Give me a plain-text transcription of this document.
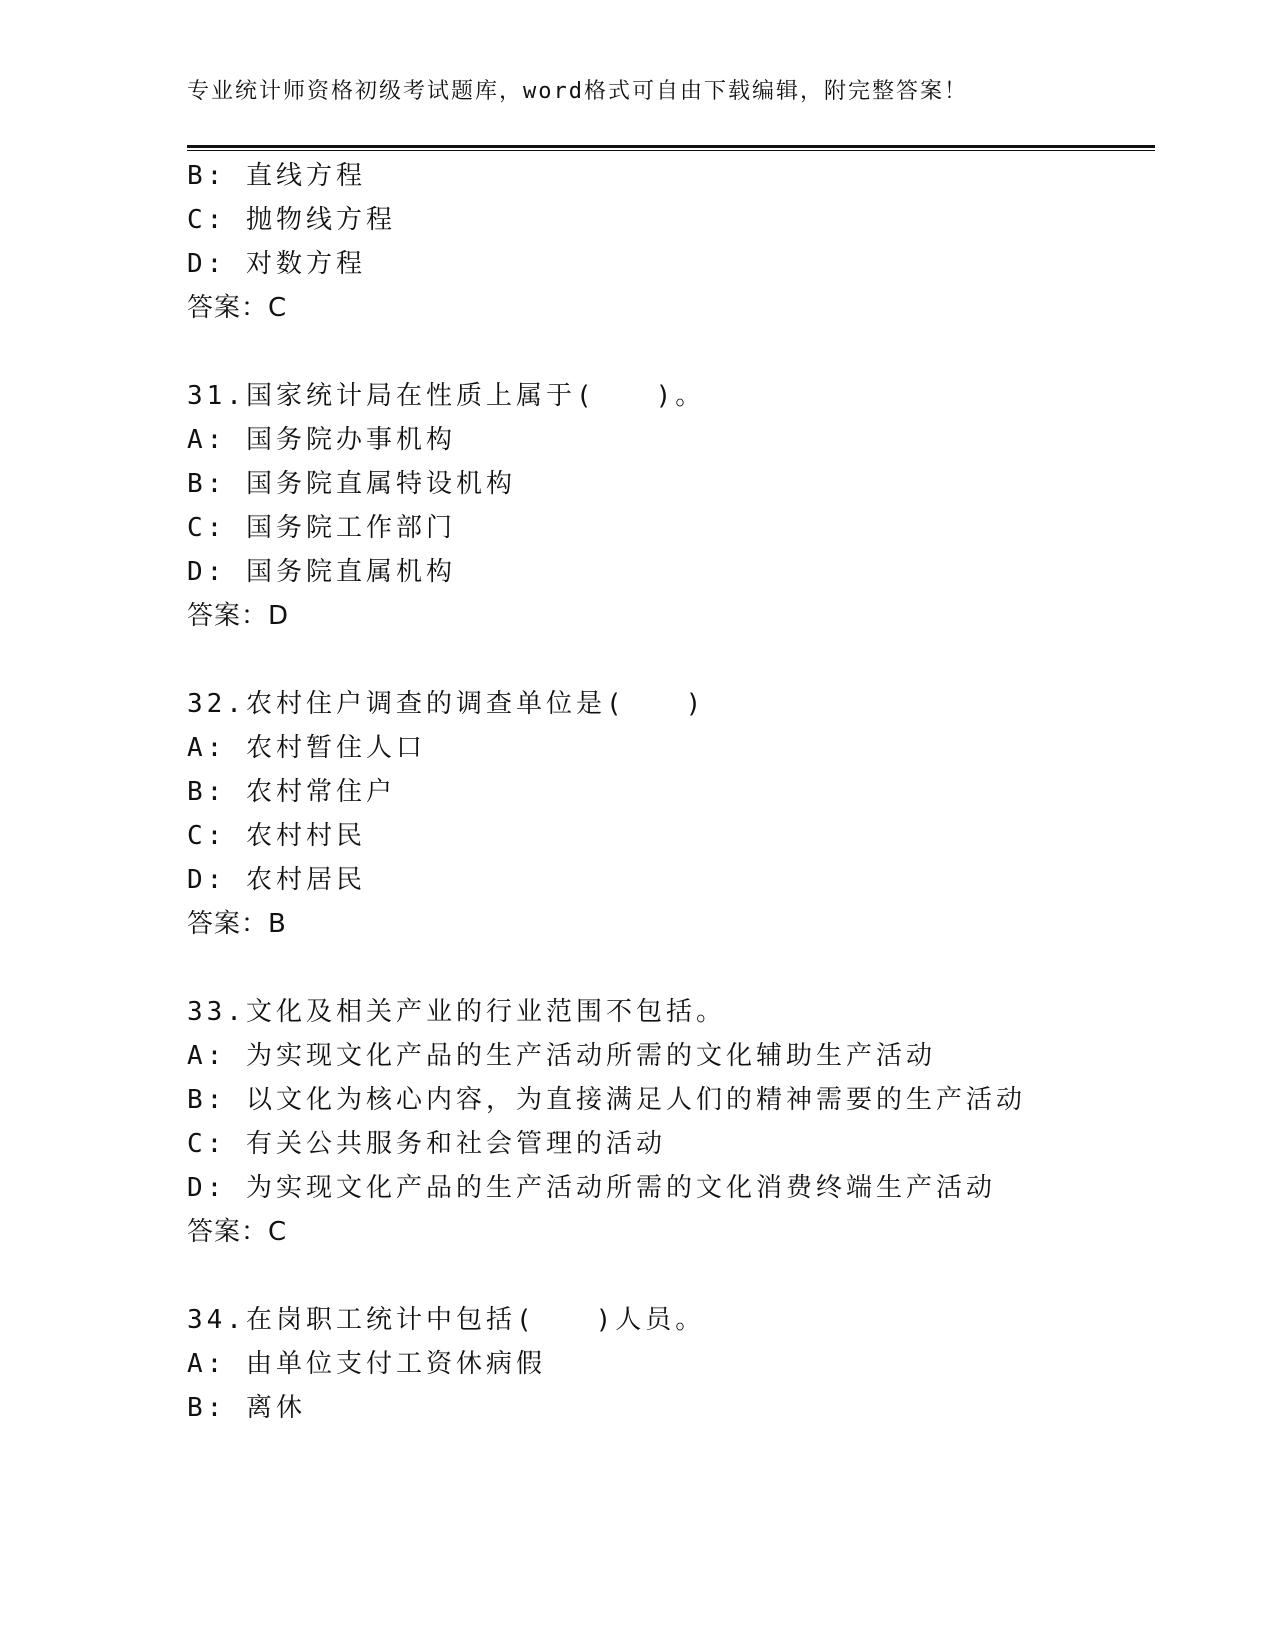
专业统计师资格初级考试题库，word格式可自由下载编辑，附完整答案！
B: 直线方程
C: 抛物线方程
D: 对数方程
答案：C
31.国家统计局在性质上属于(　　)。
A: 国务院办事机构
B: 国务院直属特设机构
C: 国务院工作部门
D: 国务院直属机构
答案：D
32.农村住户调查的调查单位是(　　)
A: 农村暂住人口
B: 农村常住户
C: 农村村民
D: 农村居民
答案：B
33.文化及相关产业的行业范围不包括。
A: 为实现文化产品的生产活动所需的文化辅助生产活动
B: 以文化为核心内容，为直接满足人们的精神需要的生产活动
C: 有关公共服务和社会管理的活动
D: 为实现文化产品的生产活动所需的文化消费终端生产活动
答案：C
34.在岗职工统计中包括(　　)人员。
A: 由单位支付工资休病假
B: 离休
